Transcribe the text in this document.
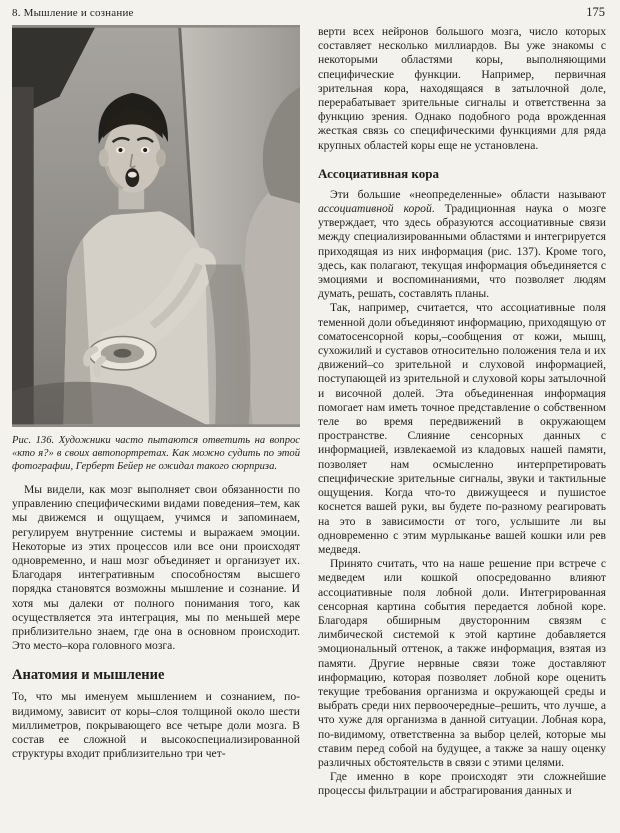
8. Мышление и сознание	175

Рис. 136. Художники часто пытаются ответить на вопрос «кто я?» в своих автопортретах. Как можно судить по этой фотографии, Герберт Бейер не ожидал такого сюрприза.

Мы видели, как мозг выполняет свои обязанности по управлению специфическими видами поведения–тем, как мы движемся и ощущаем, учимся и запоминаем, регулируем внутренние системы и выражаем эмоции. Некоторые из этих процессов или все они происходят одновременно, и наш мозг объединяет и организует их. Благодаря интегративным способностям высшего порядка становятся возможны мышление и сознание. И хотя мы далеки от полного понимания того, как осуществляется эта интеграция, мы по меньшей мере приблизительно знаем, где она в основном происходит. Это место–кора головного мозга.

Анатомия и мышление

То, что мы именуем мышлением и сознанием, по-видимому, зависит от коры–слоя толщиной около шести миллиметров, покрывающего все четыре доли мозга. В состав ее сложной и высокоспециализированной структуры входит приблизительно три чет-

верти всех нейронов большого мозга, число которых составляет несколько миллиардов. Вы уже знакомы с некоторыми областями коры, выполняющими специфические функции. Например, первичная зрительная кора, находящаяся в затылочной доле, перерабатывает зрительные сигналы и ответственна за функцию зрения. Однако подобного рода врожденная жесткая связь со специфическими функциями для ряда крупных областей коры еще не установлена.

Ассоциативная кора

Эти большие «неопределенные» области называют ассоциативной корой. Традиционная наука о мозге утверждает, что здесь образуются ассоциативные связи между специализированными областями и интегрируется приходящая из них информация (рис. 137). Кроме того, здесь, как полагают, текущая информация объединяется с эмоциями и воспоминаниями, что позволяет людям думать, решать, составлять планы.

Так, например, считается, что ассоциативные поля теменной доли объединяют информацию, приходящую от соматосенсорной коры,–сообщения от кожи, мышц, сухожилий и суставов относительно положения тела и их движений–со зрительной и слуховой информацией, поступающей из зрительной и слуховой коры затылочной и височной долей. Эта объединенная информация помогает нам иметь точное представление о собственном теле во время передвижений в окружающем пространстве. Слияние сенсорных данных с информацией, извлекаемой из кладовых нашей памяти, позволяет нам осмысленно интерпретировать специфические зрительные сигналы, звуки и тактильные ощущения. Когда что-то движущееся и пушистое коснется вашей руки, вы будете по-разному реагировать на это в зависимости от того, услышите ли вы одновременно с этим мурлыканье вашей кошки или рев медведя.

Принято считать, что на наше решение при встрече с медведем или кошкой опосредованно влияют ассоциативные поля лобной доли. Интегрированная сенсорная картина события передается лобной коре. Благодаря обширным двусторонним связям с лимбической системой к этой картине добавляется эмоциональный оттенок, а также информация, взятая из памяти. Другие нервные связи тоже доставляют информацию, которая позволяет лобной коре оценить текущие требования организма и окружающей среды и выбрать среди них первоочередные–решить, что лучше, а что хуже для организма в данной ситуации. Лобная кора, по-видимому, ответственна за выбор целей, которые мы ставим перед собой на будущее, а также за нашу оценку различных обстоятельств в связи с этими целями.

Где именно в коре происходят эти сложнейшие процессы фильтрации и абстрагирования данных и
